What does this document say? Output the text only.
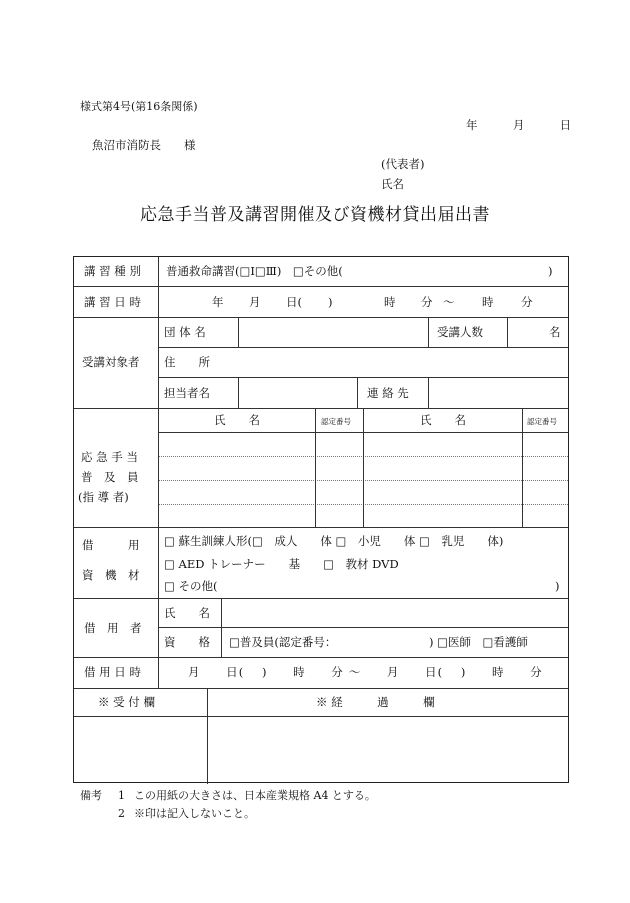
様式第4号(第16条関係)
年	月	日
魚沼市消防長　　様
(代表者)
氏名
応急手当普及講習開催及び資機材貸出届出書
講 習 種 別 普通救命講習(□Ⅰ□Ⅲ)　□その他(	)
講 習 日 時	年 月 日( )	時 分 ～ 時 分
受講対象者
団 体 名	受講人数	名
住　　所
担当者名	連 絡 先
応 急 手 当
普　及　員
(指 導 者)
氏　　名	認定番号	氏　　名	認定番号
借　　　用
資　機　材
□ 蘇生訓練人形(□　成人　　体 □　小児　　体 □　乳児　　体)
□ AED トレーナー　　基　　□　教材 DVD
□ その他(	)
借　用　者
氏　　名
資　　格 □普及員(認定番号：	) □医師　□看護師
借 用 日 時	月　　日(　 )　　時　　分 ～　　月　　日(　 )　　時　　分
※ 受 付 欄	※ 経　　　過　　　欄
備考 1 この用紙の大きさは、日本産業規格 A4 とする。
2 ※印は記入しないこと。
